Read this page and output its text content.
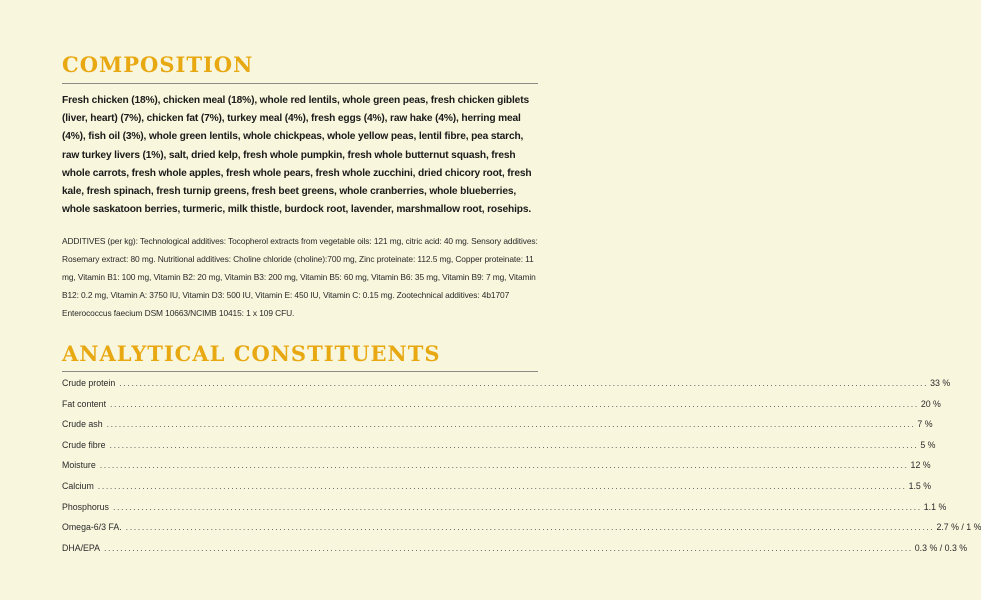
COMPOSITION

Fresh chicken (18%), chicken meal (18%), whole red lentils, whole green peas, fresh chicken giblets (liver, heart) (7%), chicken fat (7%), turkey meal (4%), fresh eggs (4%), raw hake (4%), herring meal (4%), fish oil (3%), whole green lentils, whole chickpeas, whole yellow peas, lentil fibre, pea starch, raw turkey livers (1%), salt, dried kelp, fresh whole pumpkin, fresh whole butternut squash, fresh whole carrots, fresh whole apples, fresh whole pears, fresh whole zucchini, dried chicory root, fresh kale, fresh spinach, fresh turnip greens, fresh beet greens, whole cranberries, whole blueberries, whole saskatoon berries, turmeric, milk thistle, burdock root, lavender, marshmallow root, rosehips.

ADDITIVES (per kg): Technological additives: Tocopherol extracts from vegetable oils: 121 mg, citric acid: 40 mg. Sensory additives: Rosemary extract: 80 mg. Nutritional additives: Choline chloride (choline):700 mg, Zinc proteinate: 112.5 mg, Copper proteinate: 11 mg, Vitamin B1: 100 mg, Vitamin B2: 20 mg, Vitamin B3: 200 mg, Vitamin B5: 60 mg, Vitamin B6: 35 mg, Vitamin B9: 7 mg, Vitamin B12: 0.2 mg, Vitamin A: 3750 IU, Vitamin D3: 500 IU, Vitamin E: 450 IU, Vitamin C: 0.15 mg. Zootechnical additives: 4b1707 Enterococcus faecium DSM 10663/NCIMB 10415: 1 x 109 CFU.

ANALYTICAL CONSTITUENTS
Crude protein ........................................................................................................................................................................................................ 33 %
Fat content ........................................................................................................................................................................................................ 20 %
Crude ash ........................................................................................................................................................................................................ 7 %
Crude fibre ........................................................................................................................................................................................................ 5 %
Moisture ........................................................................................................................................................................................................ 12 %
Calcium ........................................................................................................................................................................................................ 1.5 %
Phosphorus ........................................................................................................................................................................................................ 1.1 %
Omega-6/3 FA. ........................................................................................................................................................................................................ 2.7 % / 1 %
DHA/EPA ........................................................................................................................................................................................................ 0.3 % / 0.3 %
